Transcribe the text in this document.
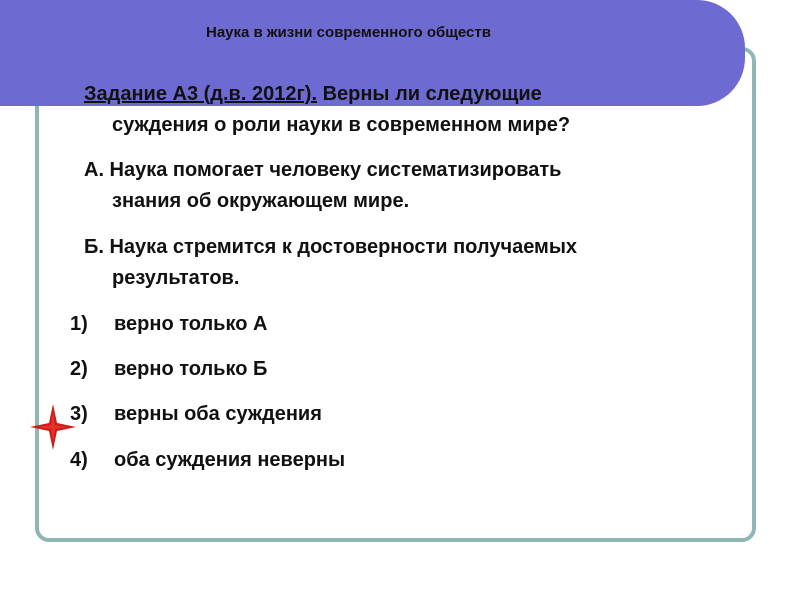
Наука в жизни современного обществ
Задание А3 (д.в. 2012г). Верны ли следующие
суждения о роли науки в современном мире?
А. Наука помогает человеку систематизировать
знания об окружающем мире.
Б. Наука стремится к достоверности получаемых
результатов.
1) верно только А
2) верно только Б
3) верны оба суждения
4) оба суждения неверны
